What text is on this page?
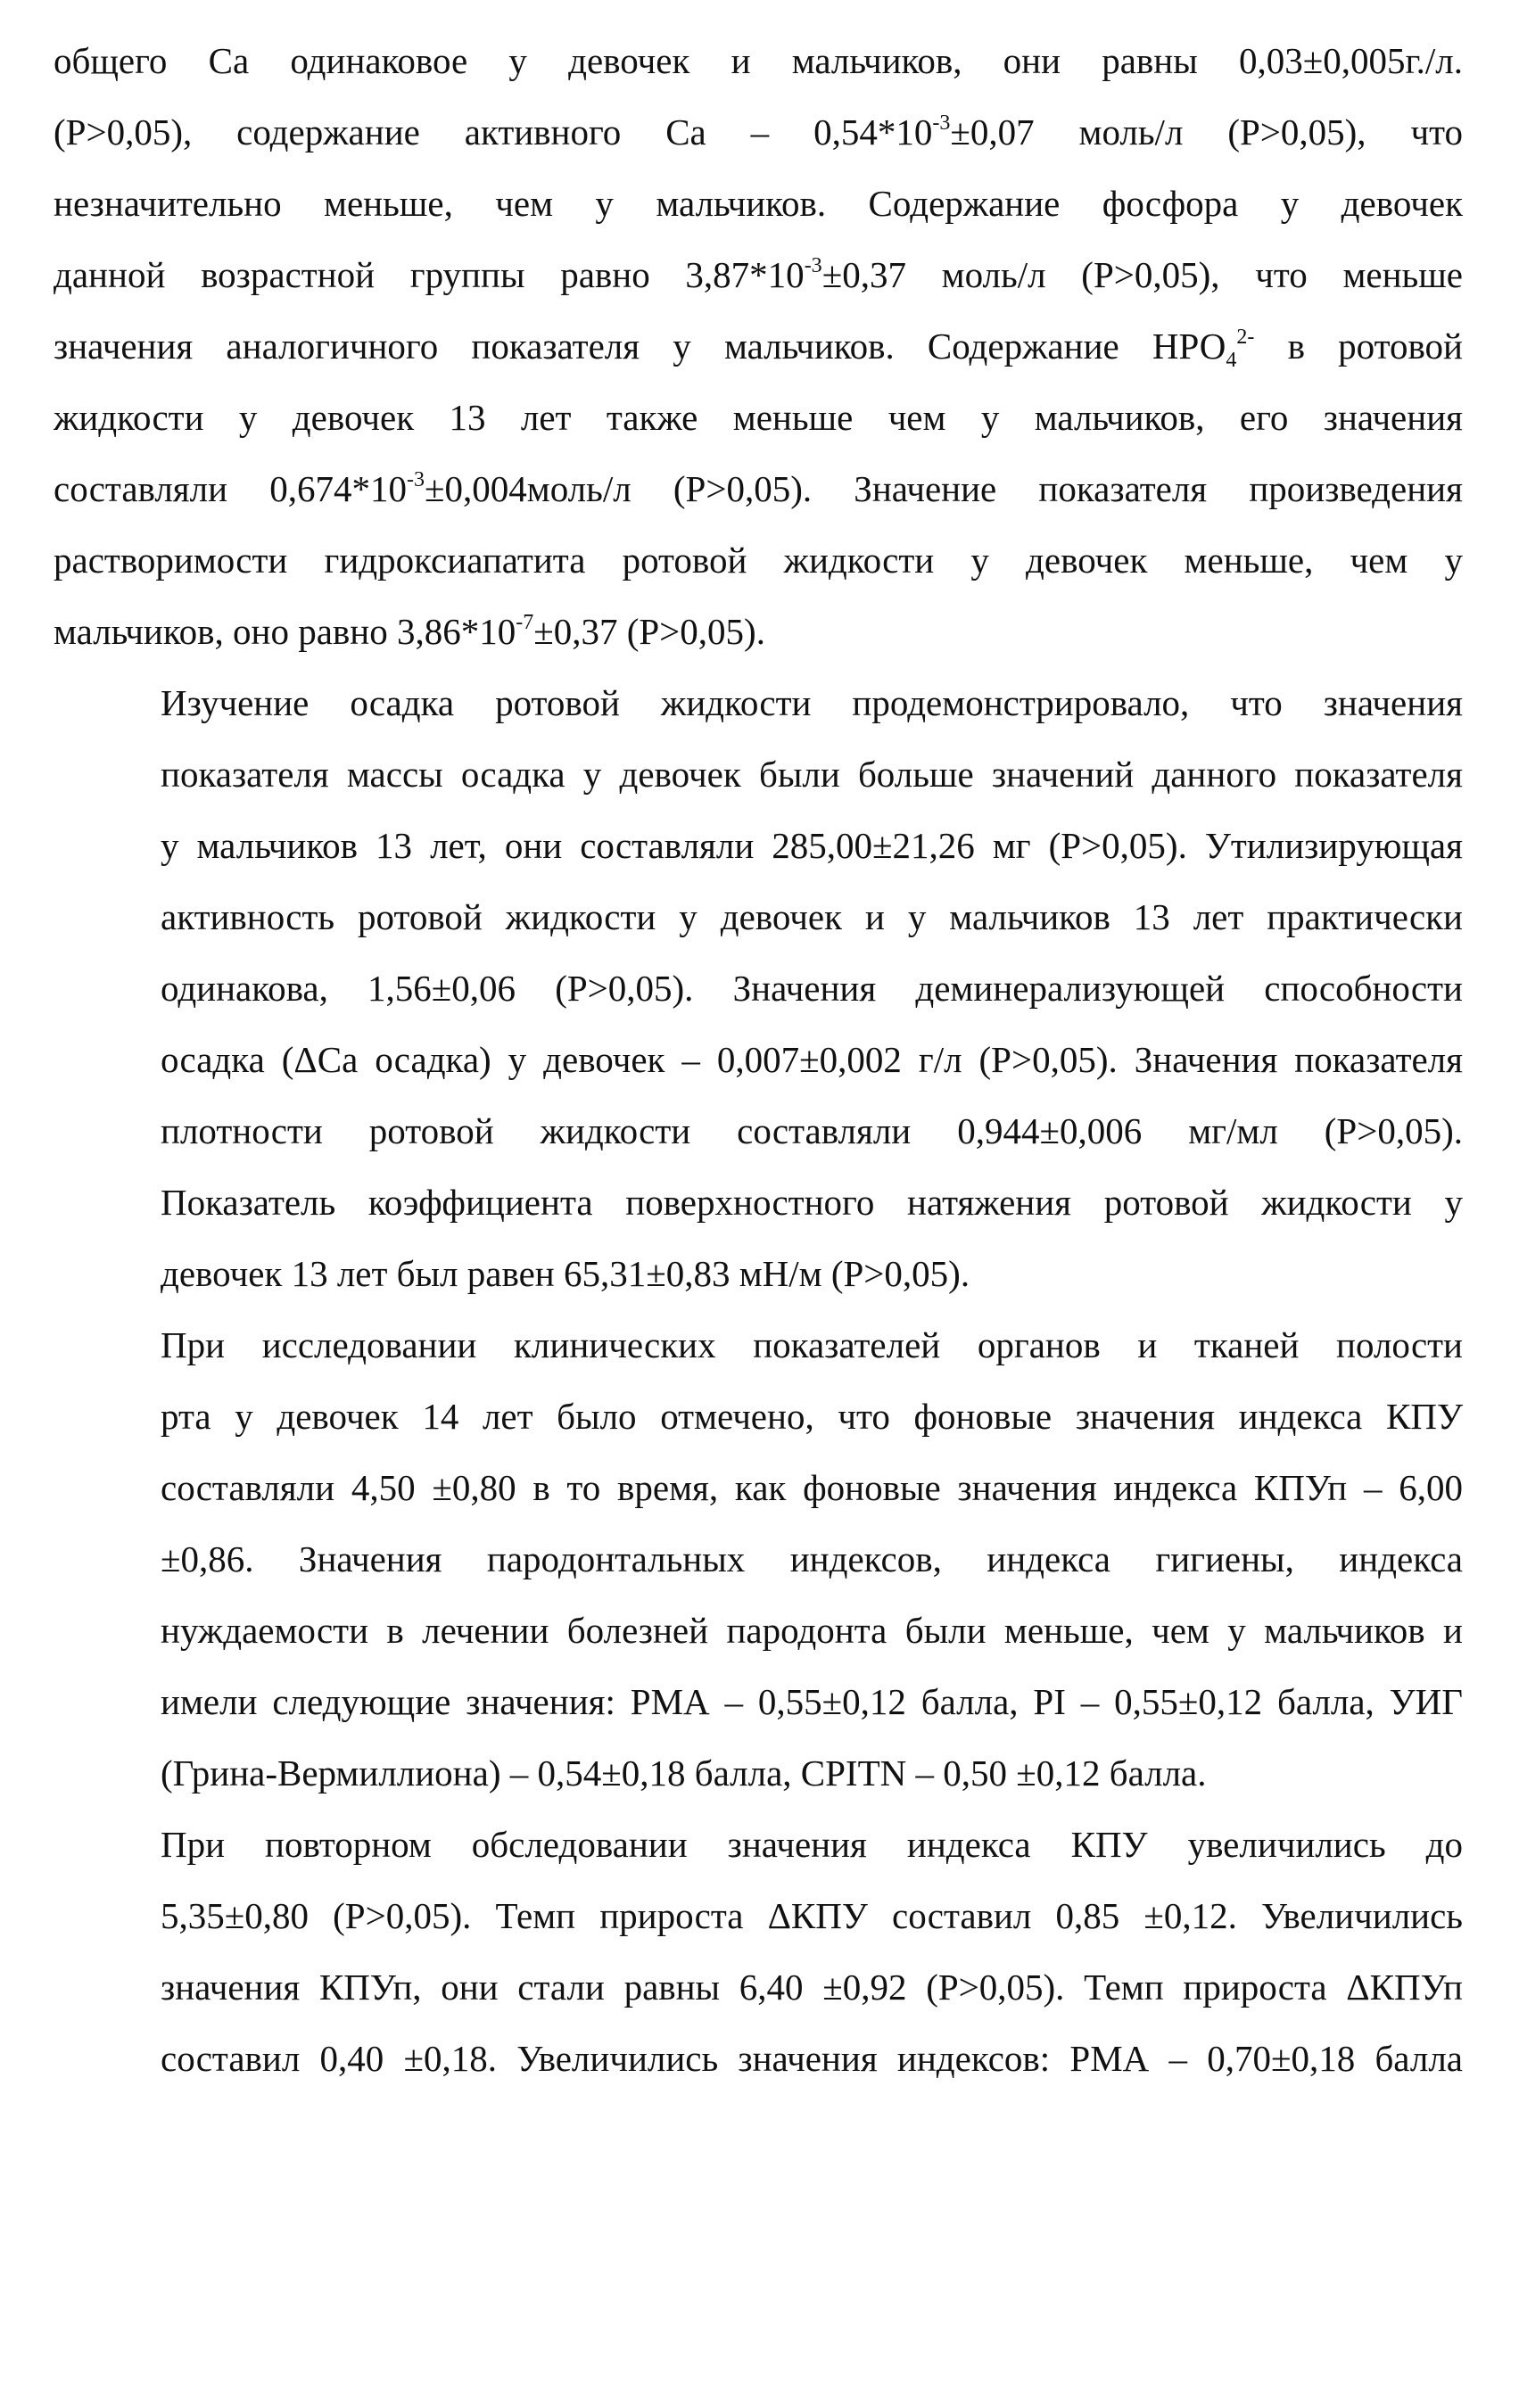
общего Са одинаковое у девочек и мальчиков, они равны 0,03±0,005г./л.
(Р>0,05), содержание активного Са – $0,54*10^{-3}\pm 0,07$ моль/л (Р>0,05), что
незначительно меньше, чем у мальчиков. Содержание фосфора у девочек
данной возрастной группы равно $3,87*10^{-3}\pm 0,37$ моль/л (Р>0,05), что меньше
значения аналогичного показателя у мальчиков. Содержание $НРО_4^{2-}$ в ротовой
жидкости у девочек 13 лет также меньше чем у мальчиков, его значения
составляли $0,674*10^{-3}\pm 0,004моль/л$ (Р>0,05). Значение показателя произведения
растворимости гидроксиапатита ротовой жидкости у девочек меньше, чем у
мальчиков, оно равно $3,86*10^{-7}\pm 0,37$ (Р>0,05).

Изучение осадка ротовой жидкости продемонстрировало, что значения
показателя массы осадка у девочек были больше значений данного показателя
у мальчиков 13 лет, они составляли 285,00±21,26 мг (Р>0,05). Утилизирующая
активность ротовой жидкости у девочек и у мальчиков 13 лет практически
одинакова, 1,56±0,06 (Р>0,05). Значения деминерализующей способности
осадка (ΔСа осадка) у девочек – 0,007±0,002 г/л (Р>0,05). Значения показателя
плотности ротовой жидкости составляли 0,944±0,006 мг/мл (Р>0,05).
Показатель коэффициента поверхностного натяжения ротовой жидкости у
девочек 13 лет был равен 65,31±0,83 мН/м (Р>0,05).

При исследовании клинических показателей органов и тканей полости
рта у девочек 14 лет было отмечено, что фоновые значения индекса КПУ
составляли 4,50 ±0,80 в то время, как фоновые значения индекса КПУп – 6,00
±0,86. Значения пародонтальных индексов, индекса гигиены, индекса
нуждаемости в лечении болезней пародонта были меньше, чем у мальчиков и
имели следующие значения: РМА – 0,55±0,12 балла, PI – 0,55±0,12 балла, УИГ
(Грина-Вермиллиона) – 0,54±0,18 балла, CPITN – 0,50 ±0,12 балла.

При повторном обследовании значения индекса КПУ увеличились до
5,35±0,80 (Р>0,05). Темп прироста ΔКПУ составил 0,85 ±0,12. Увеличились
значения КПУп, они стали равны 6,40 ±0,92 (Р>0,05). Темп прироста ΔКПУп
составил 0,40 ±0,18. Увеличились значения индексов: РМА – 0,70±0,18 балла
